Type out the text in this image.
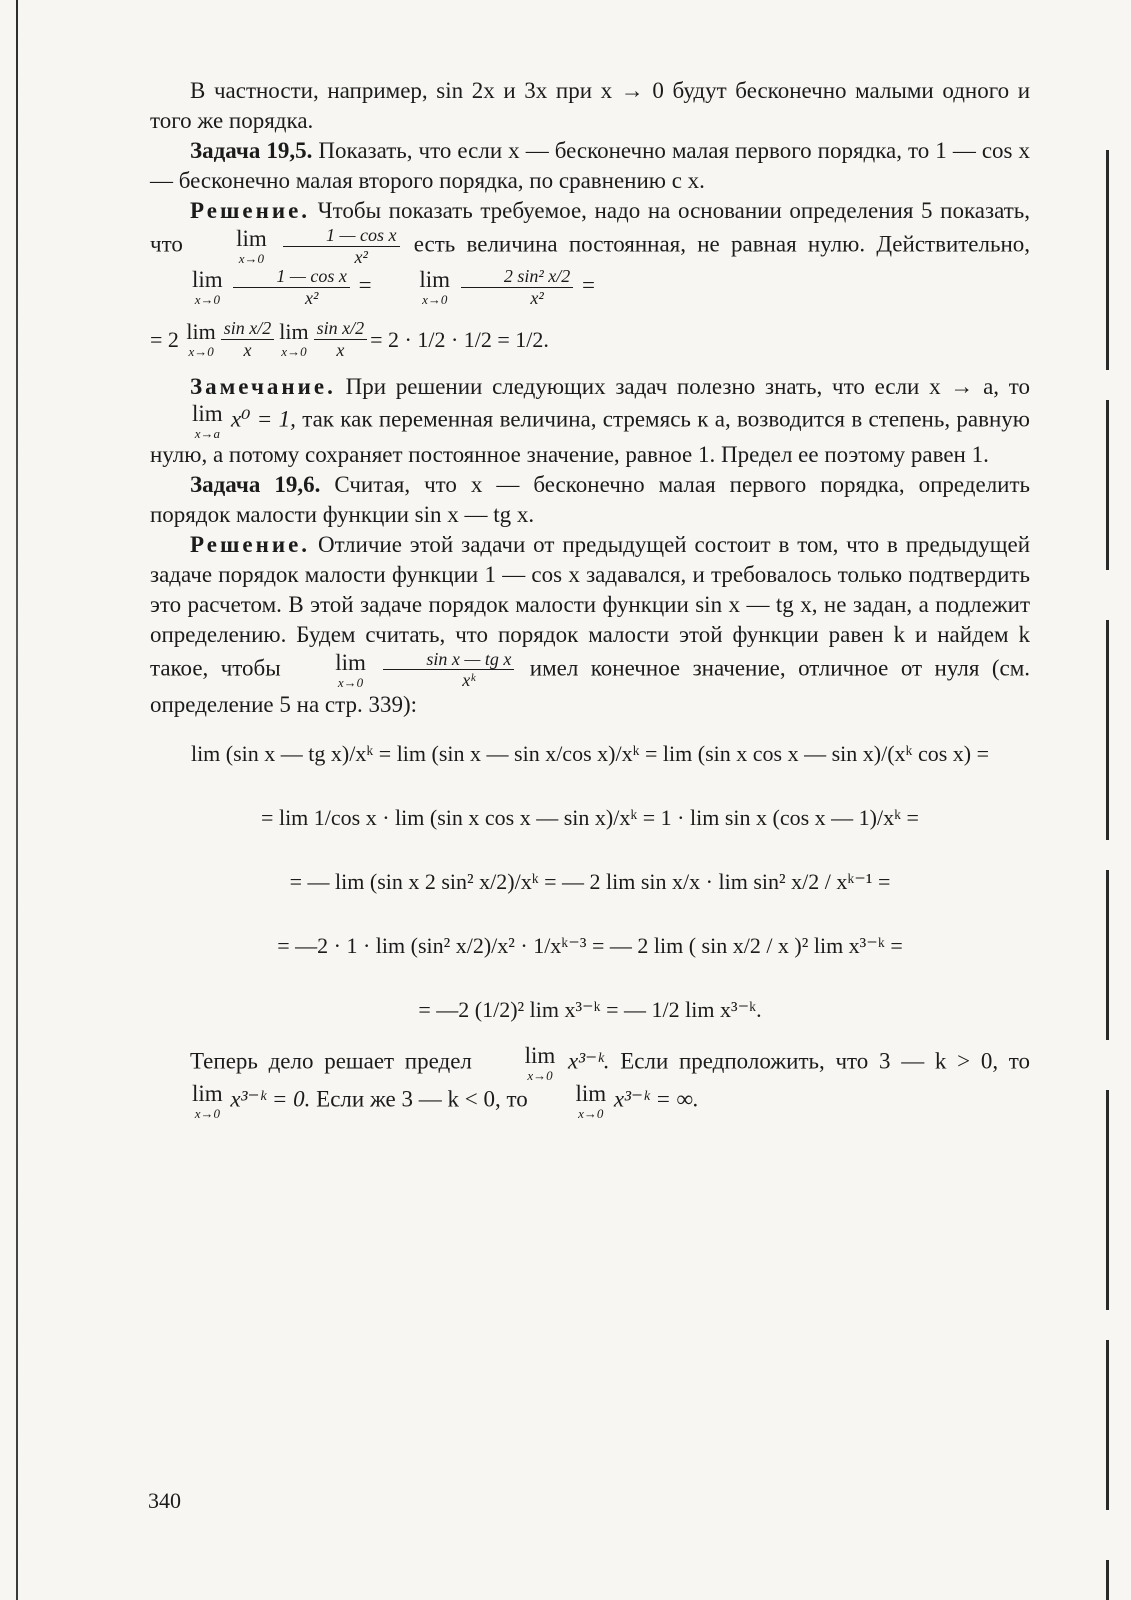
В частности, например, sin 2x и 3x при x → 0 будут бесконечно малыми одного и того же порядка.

Задача 19,5. Показать, что если x — бесконечно малая первого порядка, то 1 — cos x — бесконечно малая второго порядка, по сравнению с x.

Решение. Чтобы показать требуемое, надо на основании определения 5 показать, что	lim
x→0
$\frac{\text{1 — cos x}}{\text{x²}}$ есть величина постоянная, не равная нулю. Действительно,
lim
x→0
$\frac{\text{1 — cos x}}{\text{x²}}$ =	lim
x→0
$\frac{\text{2 sin² x/2}}{\text{x²}}$ =

= 2 lim
$x\to 0 \frac{\text{sin x/2}}{x}$ lim
$x\to 0 \frac{\text{sin x/2}}{x} = 2 \cdot 1/2 \cdot 1/2 = 1/2$.

Замечание. При решении следующих задач полезно знать, что если x → a, то
lim
x→a
x⁰ = 1, так как переменная величина, стремясь к a, возводится в степень, равную нулю, а потому сохраняет постоянное значение, равное 1. Предел ее поэтому равен 1.

Задача 19,6. Считая, что x — бесконечно малая первого порядка, определить порядок малости функции sin x — tg x.

Решение. Отличие этой задачи от предыдущей состоит в том, что в предыдущей задаче порядок малости функции 1 — cos x задавался, и требовалось только подтвердить это расчетом. В этой задаче порядок малости функции sin x — tg x, не задан, а подлежит определению. Будем считать, что порядок малости этой функции равен k и найдем k такое, чтобы	lim
x→0
$\frac{\text{sin x — tg x}}{\text{xᵏ}}$ имел конечное значение, отличное от нуля (см. определение 5 на стр. 339):

lim (sin x — tg x)/xᵏ = lim (sin x — sin x/cos x)/xᵏ = lim (sin x cos x — sin x)/(xᵏ cos x) =
= lim 1/cos x · lim (sin x cos x — sin x)/xᵏ = 1 · lim sin x (cos x — 1)/xᵏ =
= — lim (sin x 2 sin² x/2)/xᵏ = — 2 lim sin x/x · lim sin² x/2 / xᵏ⁻¹ =
= —2 · 1 · lim (sin² x/2)/x² · 1/xᵏ⁻³ = — 2 lim ( sin x/2 / x )² lim x³⁻ᵏ =
= —2 (1/2)² lim x³⁻ᵏ = — 1/2 lim x³⁻ᵏ.

Теперь дело решает предел	lim
x→0
x³⁻ᵏ. Если предположить, что 3 — k > 0, то
lim
x→0
x³⁻ᵏ = 0. Если же 3 — k < 0, то	lim
x→0
x³⁻ᵏ = ∞.

340
